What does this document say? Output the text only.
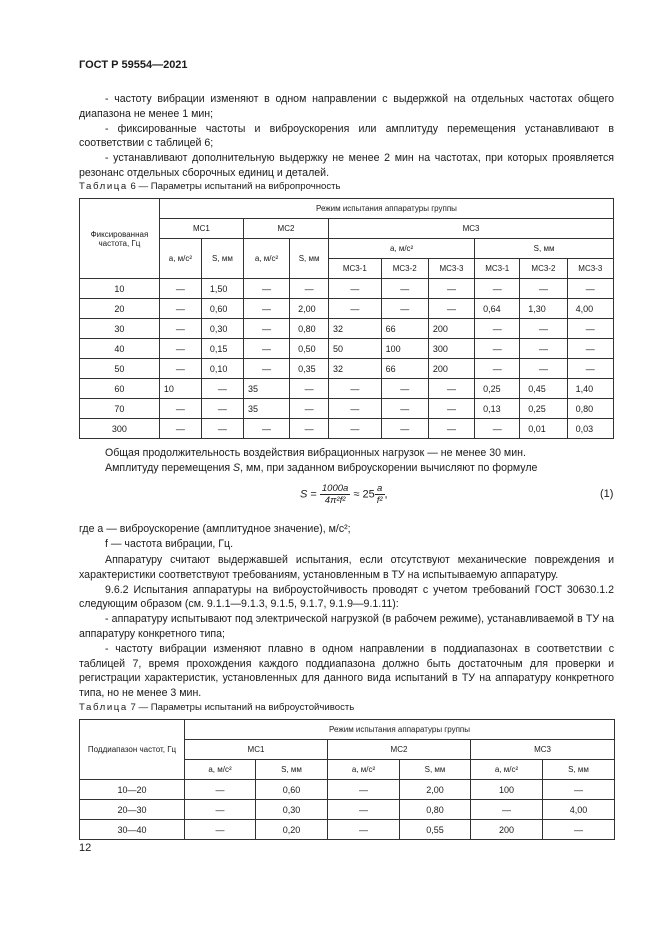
ГОСТ Р 59554—2021

- частоту вибрации изменяют в одном направлении с выдержкой на отдельных частотах общего диапазона не менее 1 мин;

- фиксированные частоты и виброускорения или амплитуду перемещения устанавливают в соответствии с таблицей 6;

- устанавливают дополнительную выдержку не менее 2 мин на частотах, при которых проявляется резонанс отдельных сборочных единиц и деталей.

Таблица 6 — Параметры испытаний на вибропрочность
Фиксированная частота, Гц	Режим испытания аппаратуры группы									
	МС1		МС2		МС3					
	a, м/с²	S, мм	a, м/с²	S, мм	a, м/с²			S, мм		
					МС3-1	МС3-2	МС3-3	МС3-1	МС3-2	МС3-3
10	—	1,50	—	—	—	—	—	—	—	—
20	—	0,60	—	2,00	—	—	—	0,64	1,30	4,00
30	—	0,30	—	0,80	32	66	200	—	—	—
40	—	0,15	—	0,50	50	100	300	—	—	—
50	—	0,10	—	0,35	32	66	200	—	—	—
60	10	—	35	—	—	—	—	0,25	0,45	1,40
70	—	—	35	—	—	—	—	0,13	0,25	0,80
300	—	—	—	—	—	—	—	—	0,01	0,03

Общая продолжительность воздействия вибрационных нагрузок — не менее 30 мин.

Амплитуду перемещения S, мм, при заданном виброускорении вычисляют по формуле

$S = \frac{1000a}{\text{4π²f²}} \approx 25 \frac{a}{\text{f²}}$ ,	(1)

где a — виброускорение (амплитудное значение), м/с²;

f — частота вибрации, Гц.

Аппаратуру считают выдержавшей испытания, если отсутствуют механические повреждения и характеристики соответствуют требованиям, установленным в ТУ на испытываемую аппаратуру.

9.6.2 Испытания аппаратуры на виброустойчивость проводят с учетом требований ГОСТ 30630.1.2 следующим образом (см. 9.1.1—9.1.3, 9.1.5, 9.1.7, 9.1.9—9.1.11):

- аппаратуру испытывают под электрической нагрузкой (в рабочем режиме), устанавливаемой в ТУ на аппаратуру конкретного типа;

- частоту вибрации изменяют плавно в одном направлении в поддиапазонах в соответствии с таблицей 7, время прохождения каждого поддиапазона должно быть достаточным для проверки и регистрации характеристик, установленных для данного вида испытаний в ТУ на аппаратуру конкретного типа, но не менее 3 мин.

Таблица 7 — Параметры испытаний на виброустойчивость
Поддиапазон частот, Гц	Режим испытания аппаратуры группы					
	МС1		МС2		МС3	
	a, м/с²	S, мм	a, м/с²	S, мм	a, м/с²	S, мм
10—20	—	0,60	—	2,00	100	—
20—30	—	0,30	—	0,80	—	4,00
30—40	—	0,20	—	0,55	200	—
12
